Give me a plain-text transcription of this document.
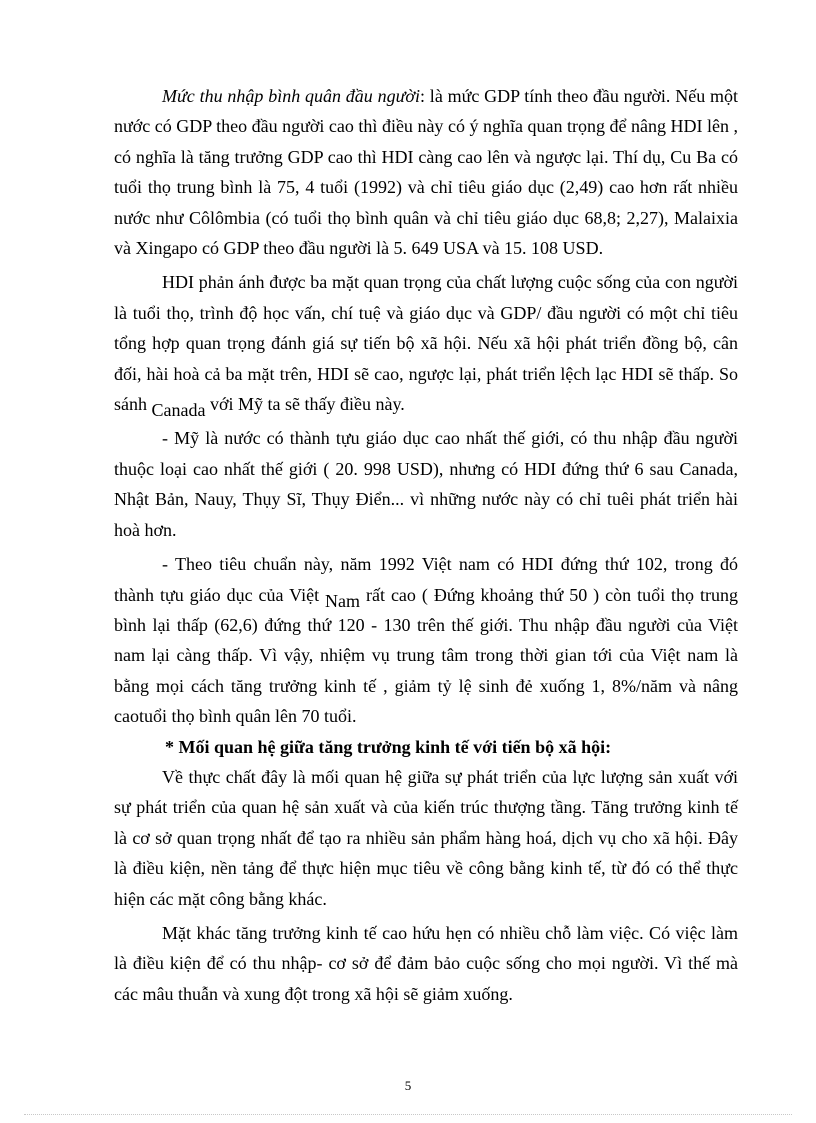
Mức thu nhập bình quân đầu người: là mức GDP tính theo đầu người. Nếu một nước có GDP theo đầu người cao thì điều này có ý nghĩa quan trọng để nâng HDI lên , có nghĩa là tăng trưởng GDP cao thì HDI càng cao lên và ngược lại. Thí dụ, Cu Ba có tuổi thọ trung bình là 75, 4 tuổi (1992) và chỉ tiêu giáo dục (2,49) cao hơn rất nhiều nước như Côlômbia (có tuổi thọ bình quân và chỉ tiêu giáo dục 68,8; 2,27), Malaixia và Xingapo có GDP theo đầu người là 5. 649 USA và 15. 108 USD.

HDI phản ánh được ba mặt quan trọng của chất lượng cuộc sống của con người là tuổi thọ, trình độ học vấn, chí tuệ và giáo dục và GDP/ đầu người có một chỉ tiêu tổng hợp quan trọng đánh giá sự tiến bộ xã hội. Nếu xã hội phát triển đồng bộ, cân đối, hài hoà cả ba mặt trên, HDI sẽ cao, ngược lại, phát triển lệch lạc HDI sẽ thấp. So sánh Canada với Mỹ ta sẽ thấy điều này.

- Mỹ là nước có thành tựu giáo dục cao nhất thế giới, có thu nhập đầu người thuộc loại cao nhất thế giới ( 20. 998 USD), nhưng có HDI đứng thứ 6 sau Canada, Nhật Bản, Nauy, Thụy Sĩ, Thụy Điển... vì những nước này có chỉ tuêi phát triển hài hoà hơn.

- Theo tiêu chuẩn này, năm 1992 Việt nam có HDI đứng thứ 102, trong đó thành tựu giáo dục của Việt Nam rất cao ( Đứng khoảng thứ 50 ) còn tuổi thọ trung bình lại thấp (62,6) đứng thứ 120 - 130 trên thế giới. Thu nhập đầu người của Việt nam lại càng thấp. Vì vậy, nhiệm vụ trung tâm trong thời gian tới của Việt nam là bằng mọi cách tăng trưởng kinh tế , giảm tỷ lệ sinh đẻ xuống 1, 8%/năm và nâng caotuổi thọ bình quân lên 70 tuổi.

* Mối quan hệ giữa tăng trưởng kinh tế với tiến bộ xã hội:

Về thực chất đây là mối quan hệ giữa sự phát triển của lực lượng sản xuất với sự phát triển của quan hệ sản xuất và của kiến trúc thượng tầng. Tăng trưởng kinh tế là cơ sở quan trọng nhất để tạo ra nhiều sản phẩm hàng hoá, dịch vụ cho xã hội. Đây là điều kiện, nền tảng để thực hiện mục tiêu về công bằng kinh tế, từ đó có thể thực hiện các mặt công bằng khác.

Mặt khác tăng trưởng kinh tế cao hứu hẹn có nhiều chỗ làm việc. Có việc làm là điều kiện để có thu nhập- cơ sở để đảm bảo cuộc sống cho mọi người. Vì thế mà các mâu thuẫn và xung đột trong xã hội sẽ giảm xuống.

5
